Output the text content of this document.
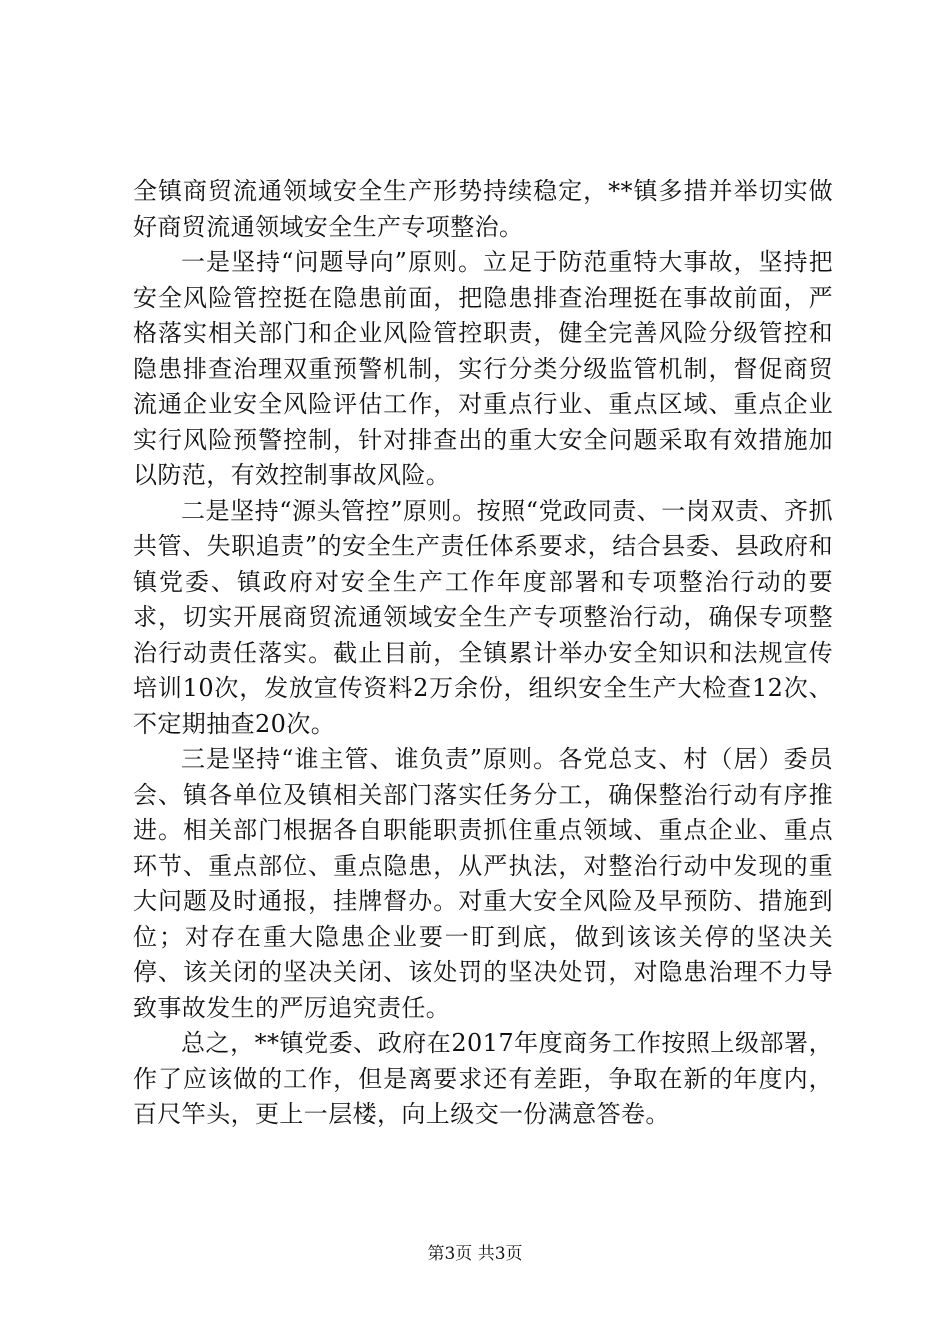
全镇商贸流通领域安全生产形势持续稳定，**镇多措并举切实做好商贸流通领域安全生产专项整治。

一是坚持“问题导向”原则。立足于防范重特大事故，坚持把安全风险管控挺在隐患前面，把隐患排查治理挺在事故前面，严格落实相关部门和企业风险管控职责，健全完善风险分级管控和隐患排查治理双重预警机制，实行分类分级监管机制，督促商贸流通企业安全风险评估工作，对重点行业、重点区域、重点企业实行风险预警控制，针对排查出的重大安全问题采取有效措施加以防范，有效控制事故风险。

二是坚持“源头管控”原则。按照“党政同责、一岗双责、齐抓共管、失职追责”的安全生产责任体系要求，结合县委、县政府和镇党委、镇政府对安全生产工作年度部署和专项整治行动的要求，切实开展商贸流通领域安全生产专项整治行动，确保专项整治行动责任落实。截止目前，全镇累计举办安全知识和法规宣传培训10次，发放宣传资料2万余份，组织安全生产大检查12次、不定期抽查20次。

三是坚持“谁主管、谁负责”原则。各党总支、村（居）委员会、镇各单位及镇相关部门落实任务分工，确保整治行动有序推进。相关部门根据各自职能职责抓住重点领域、重点企业、重点环节、重点部位、重点隐患，从严执法，对整治行动中发现的重大问题及时通报，挂牌督办。对重大安全风险及早预防、措施到位；对存在重大隐患企业要一盯到底，做到该该关停的坚决关停、该关闭的坚决关闭、该处罚的坚决处罚，对隐患治理不力导致事故发生的严厉追究责任。

总之，**镇党委、政府在2017年度商务工作按照上级部署，作了应该做的工作，但是离要求还有差距，争取在新的年度内，百尺竿头，更上一层楼，向上级交一份满意答卷。

第3页 共3页
